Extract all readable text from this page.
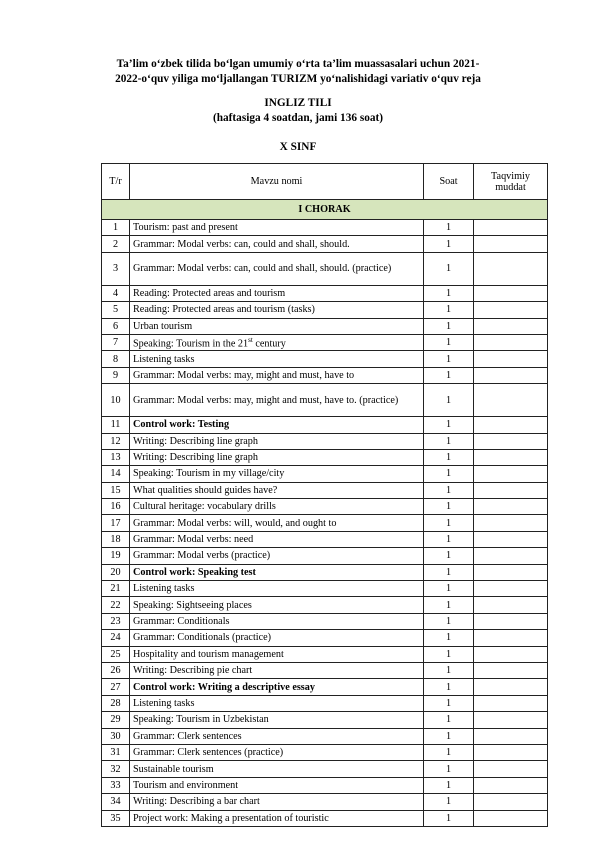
Ta’lim o‘zbek tilida bo‘lgan umumiy o‘rta ta’lim muassasalari uchun 2021-
2022-o‘quv yiliga mo‘ljallangan TURIZM yo‘nalishidagi variativ o‘quv reja
INGLIZ TILI
(haftasiga 4 soatdan, jami 136 soat)
X SINF
T/r	Mavzu nomi	Soat	Taqvimiy muddat
I CHORAK			
1	Tourism: past and present	1	
2	Grammar: Modal verbs: can, could and shall, should.	1	
3	Grammar: Modal verbs: can, could and shall, should. (practice)	1	
4	Reading: Protected areas and tourism	1	
5	Reading: Protected areas and tourism (tasks)	1	
6	Urban tourism	1	
7	Speaking: Tourism in the 21st century	1	
8	Listening tasks	1	
9	Grammar: Modal verbs: may, might and must, have to	1	
10	Grammar: Modal verbs: may, might and must, have to. (practice)	1	
11	Control work: Testing	1	
12	Writing: Describing line graph	1	
13	Writing: Describing line graph	1	
14	Speaking: Tourism in my village/city	1	
15	What qualities should guides have?	1	
16	Cultural heritage: vocabulary drills	1	
17	Grammar: Modal verbs: will, would, and ought to	1	
18	Grammar: Modal verbs: need	1	
19	Grammar: Modal verbs (practice)	1	
20	Control work: Speaking test	1	
21	Listening tasks	1	
22	Speaking: Sightseeing places	1	
23	Grammar: Conditionals	1	
24	Grammar: Conditionals (practice)	1	
25	Hospitality and tourism management	1	
26	Writing: Describing pie chart	1	
27	Control work: Writing a descriptive essay	1	
28	Listening tasks	1	
29	Speaking: Tourism in Uzbekistan	1	
30	Grammar: Clerk sentences	1	
31	Grammar: Clerk sentences (practice)	1	
32	Sustainable tourism	1	
33	Tourism and environment	1	
34	Writing: Describing a bar chart	1	
35	Project work: Making a presentation of touristic	1	
